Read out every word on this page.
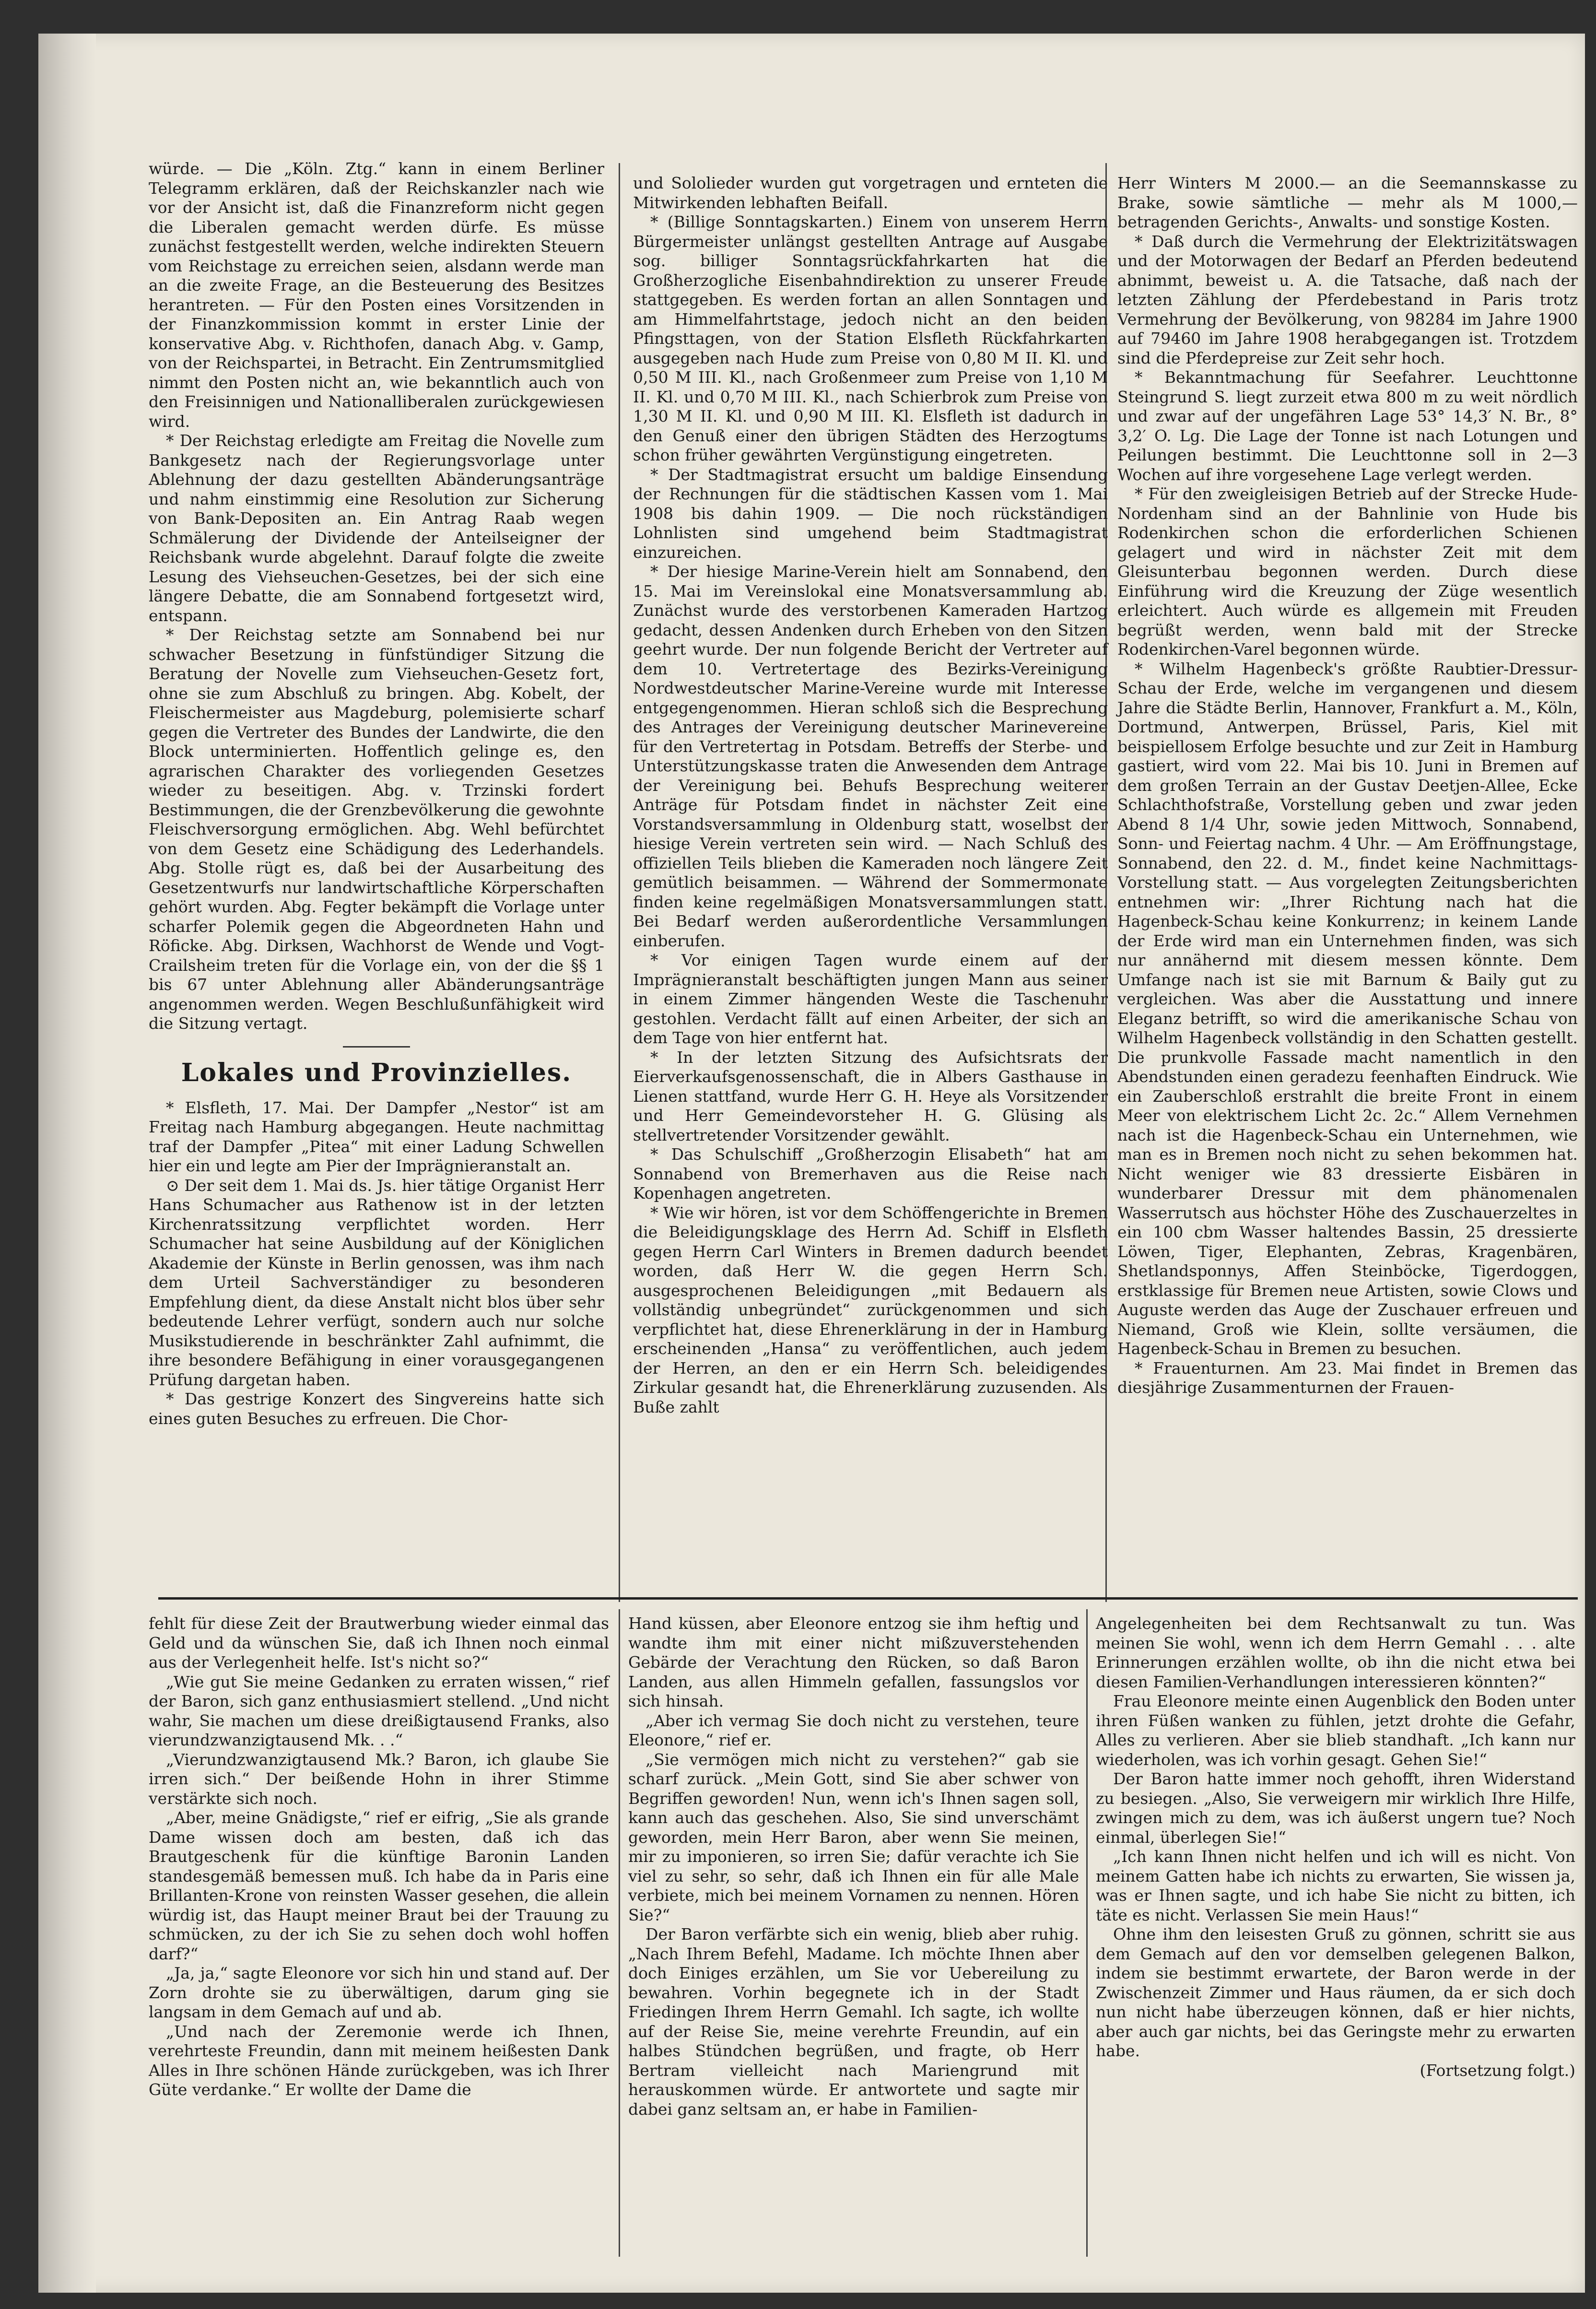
würde. — Die „Köln. Ztg.“ kann in einem Berliner Telegramm erklären, daß der Reichskanzler nach wie vor der Ansicht ist, daß die Finanzreform nicht gegen die Liberalen gemacht werden dürfe. Es müsse zunächst festgestellt werden, welche indirekten Steuern vom Reichstage zu erreichen seien, alsdann werde man an die zweite Frage, an die Besteuerung des Besitzes herantreten. — Für den Posten eines Vorsitzenden in der Finanzkommission kommt in erster Linie der konservative Abg. v. Richthofen, danach Abg. v. Gamp, von der Reichspartei, in Betracht. Ein Zentrumsmitglied nimmt den Posten nicht an, wie bekanntlich auch von den Freisinnigen und Nationalliberalen zurückgewiesen wird.

* Der Reichstag erledigte am Freitag die Novelle zum Bankgesetz nach der Regierungsvorlage unter Ablehnung der dazu gestellten Abänderungsanträge und nahm einstimmig eine Resolution zur Sicherung von Bank-Depositen an. Ein Antrag Raab wegen Schmälerung der Dividende der Anteilseigner der Reichsbank wurde abgelehnt. Darauf folgte die zweite Lesung des Viehseuchen-Gesetzes, bei der sich eine längere Debatte, die am Sonnabend fortgesetzt wird, entspann.

* Der Reichstag setzte am Sonnabend bei nur schwacher Besetzung in fünfstündiger Sitzung die Beratung der Novelle zum Viehseuchen-Gesetz fort, ohne sie zum Abschluß zu bringen. Abg. Kobelt, der Fleischermeister aus Magdeburg, polemisierte scharf gegen die Vertreter des Bundes der Landwirte, die den Block unterminierten. Hoffentlich gelinge es, den agrarischen Charakter des vorliegenden Gesetzes wieder zu beseitigen. Abg. v. Trzinski fordert Bestimmungen, die der Grenzbevölkerung die gewohnte Fleischversorgung ermöglichen. Abg. Wehl befürchtet von dem Gesetz eine Schädigung des Lederhandels. Abg. Stolle rügt es, daß bei der Ausarbeitung des Gesetzentwurfs nur landwirtschaftliche Körperschaften gehört wurden. Abg. Fegter bekämpft die Vorlage unter scharfer Polemik gegen die Abgeordneten Hahn und Röficke. Abg. Dirksen, Wachhorst de Wende und Vogt-Crailsheim treten für die Vorlage ein, von der die §§ 1 bis 67 unter Ablehnung aller Abänderungsanträge angenommen werden. Wegen Beschlußunfähigkeit wird die Sitzung vertagt.

Lokales und Provinzielles.

* Elsfleth, 17. Mai. Der Dampfer „Nestor“ ist am Freitag nach Hamburg abgegangen. Heute nachmittag traf der Dampfer „Pitea“ mit einer Ladung Schwellen hier ein und legte am Pier der Imprägnieranstalt an.

⊙ Der seit dem 1. Mai ds. Js. hier tätige Organist Herr Hans Schumacher aus Rathenow ist in der letzten Kirchenratssitzung verpflichtet worden. Herr Schumacher hat seine Ausbildung auf der Königlichen Akademie der Künste in Berlin genossen, was ihm nach dem Urteil Sachverständiger zu besonderen Empfehlung dient, da diese Anstalt nicht blos über sehr bedeutende Lehrer verfügt, sondern auch nur solche Musikstudierende in beschränkter Zahl aufnimmt, die ihre besondere Befähigung in einer vorausgegangenen Prüfung dargetan haben.

* Das gestrige Konzert des Singvereins hatte sich eines guten Besuches zu erfreuen. Die Chor-

und Sololieder wurden gut vorgetragen und ernteten die Mitwirkenden lebhaften Beifall.

* (Billige Sonntagskarten.) Einem von unserem Herrn Bürgermeister unlängst gestellten Antrage auf Ausgabe sog. billiger Sonntagsrückfahrkarten hat die Großherzogliche Eisenbahndirektion zu unserer Freude stattgegeben. Es werden fortan an allen Sonntagen und am Himmelfahrtstage, jedoch nicht an den beiden Pfingsttagen, von der Station Elsfleth Rückfahrkarten ausgegeben nach Hude zum Preise von 0,80 M II. Kl. und 0,50 M III. Kl., nach Großenmeer zum Preise von 1,10 M II. Kl. und 0,70 M III. Kl., nach Schierbrok zum Preise von 1,30 M II. Kl. und 0,90 M III. Kl. Elsfleth ist dadurch in den Genuß einer den übrigen Städten des Herzogtums schon früher gewährten Vergünstigung eingetreten.

* Der Stadtmagistrat ersucht um baldige Einsendung der Rechnungen für die städtischen Kassen vom 1. Mai 1908 bis dahin 1909. — Die noch rückständigen Lohnlisten sind umgehend beim Stadtmagistrat einzureichen.

* Der hiesige Marine-Verein hielt am Sonnabend, den 15. Mai im Vereinslokal eine Monatsversammlung ab. Zunächst wurde des verstorbenen Kameraden Hartzog gedacht, dessen Andenken durch Erheben von den Sitzen geehrt wurde. Der nun folgende Bericht der Vertreter auf dem 10. Vertretertage des Bezirks-Vereinigung Nordwestdeutscher Marine-Vereine wurde mit Interesse entgegengenommen. Hieran schloß sich die Besprechung des Antrages der Vereinigung deutscher Marinevereine für den Vertretertag in Potsdam. Betreffs der Sterbe- und Unterstützungskasse traten die Anwesenden dem Antrage der Vereinigung bei. Behufs Besprechung weiterer Anträge für Potsdam findet in nächster Zeit eine Vorstandsversammlung in Oldenburg statt, woselbst der hiesige Verein vertreten sein wird. — Nach Schluß des offiziellen Teils blieben die Kameraden noch längere Zeit gemütlich beisammen. — Während der Sommermonate finden keine regelmäßigen Monatsversammlungen statt. Bei Bedarf werden außerordentliche Versammlungen einberufen.

* Vor einigen Tagen wurde einem auf der Imprägnieranstalt beschäftigten jungen Mann aus seiner in einem Zimmer hängenden Weste die Taschenuhr gestohlen. Verdacht fällt auf einen Arbeiter, der sich an dem Tage von hier entfernt hat.

* In der letzten Sitzung des Aufsichtsrats der Eierverkaufsgenossenschaft, die in Albers Gasthause in Lienen stattfand, wurde Herr G. H. Heye als Vorsitzender und Herr Gemeindevorsteher H. G. Glüsing als stellvertretender Vorsitzender gewählt.

* Das Schulschiff „Großherzogin Elisabeth“ hat am Sonnabend von Bremerhaven aus die Reise nach Kopenhagen angetreten.

* Wie wir hören, ist vor dem Schöffengerichte in Bremen die Beleidigungsklage des Herrn Ad. Schiff in Elsfleth gegen Herrn Carl Winters in Bremen dadurch beendet worden, daß Herr W. die gegen Herrn Sch. ausgesprochenen Beleidigungen „mit Bedauern als vollständig unbegründet“ zurückgenommen und sich verpflichtet hat, diese Ehrenerklärung in der in Hamburg erscheinenden „Hansa“ zu veröffentlichen, auch jedem der Herren, an den er ein Herrn Sch. beleidigendes Zirkular gesandt hat, die Ehrenerklärung zuzusenden. Als Buße zahlt

Herr Winters M 2000.— an die Seemannskasse zu Brake, sowie sämtliche — mehr als M 1000,— betragenden Gerichts-, Anwalts- und sonstige Kosten.

* Daß durch die Vermehrung der Elektrizitätswagen und der Motorwagen der Bedarf an Pferden bedeutend abnimmt, beweist u. A. die Tatsache, daß nach der letzten Zählung der Pferdebestand in Paris trotz Vermehrung der Bevölkerung, von 98284 im Jahre 1900 auf 79460 im Jahre 1908 herabgegangen ist. Trotzdem sind die Pferdepreise zur Zeit sehr hoch.

* Bekanntmachung für Seefahrer. Leuchttonne Steingrund S. liegt zurzeit etwa 800 m zu weit nördlich und zwar auf der ungefähren Lage 53° 14,3′ N. Br., 8° 3,2′ O. Lg. Die Lage der Tonne ist nach Lotungen und Peilungen bestimmt. Die Leuchttonne soll in 2—3 Wochen auf ihre vorgesehene Lage verlegt werden.

* Für den zweigleisigen Betrieb auf der Strecke Hude-Nordenham sind an der Bahnlinie von Hude bis Rodenkirchen schon die erforderlichen Schienen gelagert und wird in nächster Zeit mit dem Gleisunterbau begonnen werden. Durch diese Einführung wird die Kreuzung der Züge wesentlich erleichtert. Auch würde es allgemein mit Freuden begrüßt werden, wenn bald mit der Strecke Rodenkirchen-Varel begonnen würde.

* Wilhelm Hagenbeck's größte Raubtier-Dressur-Schau der Erde, welche im vergangenen und diesem Jahre die Städte Berlin, Hannover, Frankfurt a. M., Köln, Dortmund, Antwerpen, Brüssel, Paris, Kiel mit beispiellosem Erfolge besuchte und zur Zeit in Hamburg gastiert, wird vom 22. Mai bis 10. Juni in Bremen auf dem großen Terrain an der Gustav Deetjen-Allee, Ecke Schlachthofstraße, Vorstellung geben und zwar jeden Abend 8 1/4 Uhr, sowie jeden Mittwoch, Sonnabend, Sonn- und Feiertag nachm. 4 Uhr. — Am Eröffnungstage, Sonnabend, den 22. d. M., findet keine Nachmittags-Vorstellung statt. — Aus vorgelegten Zeitungsberichten entnehmen wir: „Ihrer Richtung nach hat die Hagenbeck-Schau keine Konkurrenz; in keinem Lande der Erde wird man ein Unternehmen finden, was sich nur annähernd mit diesem messen könnte. Dem Umfange nach ist sie mit Barnum & Baily gut zu vergleichen. Was aber die Ausstattung und innere Eleganz betrifft, so wird die amerikanische Schau von Wilhelm Hagenbeck vollständig in den Schatten gestellt. Die prunkvolle Fassade macht namentlich in den Abendstunden einen geradezu feenhaften Eindruck. Wie ein Zauberschloß erstrahlt die breite Front in einem Meer von elektrischem Licht 2c. 2c.“ Allem Vernehmen nach ist die Hagenbeck-Schau ein Unternehmen, wie man es in Bremen noch nicht zu sehen bekommen hat. Nicht weniger wie 83 dressierte Eisbären in wunderbarer Dressur mit dem phänomenalen Wasserrutsch aus höchster Höhe des Zuschauerzeltes in ein 100 cbm Wasser haltendes Bassin, 25 dressierte Löwen, Tiger, Elephanten, Zebras, Kragenbären, Shetlandsponnys, Affen Steinböcke, Tigerdoggen, erstklassige für Bremen neue Artisten, sowie Clows und Auguste werden das Auge der Zuschauer erfreuen und Niemand, Groß wie Klein, sollte versäumen, die Hagenbeck-Schau in Bremen zu besuchen.

* Frauenturnen. Am 23. Mai findet in Bremen das diesjährige Zusammenturnen der Frauen-

fehlt für diese Zeit der Brautwerbung wieder einmal das Geld und da wünschen Sie, daß ich Ihnen noch einmal aus der Verlegenheit helfe. Ist's nicht so?“

„Wie gut Sie meine Gedanken zu erraten wissen,“ rief der Baron, sich ganz enthusiasmiert stellend. „Und nicht wahr, Sie machen um diese dreißigtausend Franks, also vierundzwanzigtausend Mk. . .“

„Vierundzwanzigtausend Mk.? Baron, ich glaube Sie irren sich.“ Der beißende Hohn in ihrer Stimme verstärkte sich noch.

„Aber, meine Gnädigste,“ rief er eifrig, „Sie als grande Dame wissen doch am besten, daß ich das Brautgeschenk für die künftige Baronin Landen standesgemäß bemessen muß. Ich habe da in Paris eine Brillanten-Krone von reinsten Wasser gesehen, die allein würdig ist, das Haupt meiner Braut bei der Trauung zu schmücken, zu der ich Sie zu sehen doch wohl hoffen darf?“

„Ja, ja,“ sagte Eleonore vor sich hin und stand auf. Der Zorn drohte sie zu überwältigen, darum ging sie langsam in dem Gemach auf und ab.

„Und nach der Zeremonie werde ich Ihnen, verehrteste Freundin, dann mit meinem heißesten Dank Alles in Ihre schönen Hände zurückgeben, was ich Ihrer Güte verdanke.“ Er wollte der Dame die

Hand küssen, aber Eleonore entzog sie ihm heftig und wandte ihm mit einer nicht mißzuverstehenden Gebärde der Verachtung den Rücken, so daß Baron Landen, aus allen Himmeln gefallen, fassungslos vor sich hinsah.

„Aber ich vermag Sie doch nicht zu verstehen, teure Eleonore,“ rief er.

„Sie vermögen mich nicht zu verstehen?“ gab sie scharf zurück. „Mein Gott, sind Sie aber schwer von Begriffen geworden! Nun, wenn ich's Ihnen sagen soll, kann auch das geschehen. Also, Sie sind unverschämt geworden, mein Herr Baron, aber wenn Sie meinen, mir zu imponieren, so irren Sie; dafür verachte ich Sie viel zu sehr, so sehr, daß ich Ihnen ein für alle Male verbiete, mich bei meinem Vornamen zu nennen. Hören Sie?“

Der Baron verfärbte sich ein wenig, blieb aber ruhig. „Nach Ihrem Befehl, Madame. Ich möchte Ihnen aber doch Einiges erzählen, um Sie vor Uebereilung zu bewahren. Vorhin begegnete ich in der Stadt Friedingen Ihrem Herrn Gemahl. Ich sagte, ich wollte auf der Reise Sie, meine verehrte Freundin, auf ein halbes Stündchen begrüßen, und fragte, ob Herr Bertram vielleicht nach Mariengrund mit herauskommen würde. Er antwortete und sagte mir dabei ganz seltsam an, er habe in Familien-

Angelegenheiten bei dem Rechtsanwalt zu tun. Was meinen Sie wohl, wenn ich dem Herrn Gemahl . . . alte Erinnerungen erzählen wollte, ob ihn die nicht etwa bei diesen Familien-Verhandlungen interessieren könnten?“

Frau Eleonore meinte einen Augenblick den Boden unter ihren Füßen wanken zu fühlen, jetzt drohte die Gefahr, Alles zu verlieren. Aber sie blieb standhaft. „Ich kann nur wiederholen, was ich vorhin gesagt. Gehen Sie!“

Der Baron hatte immer noch gehofft, ihren Widerstand zu besiegen. „Also, Sie verweigern mir wirklich Ihre Hilfe, zwingen mich zu dem, was ich äußerst ungern tue? Noch einmal, überlegen Sie!“

„Ich kann Ihnen nicht helfen und ich will es nicht. Von meinem Gatten habe ich nichts zu erwarten, Sie wissen ja, was er Ihnen sagte, und ich habe Sie nicht zu bitten, ich täte es nicht. Verlassen Sie mein Haus!“

Ohne ihm den leisesten Gruß zu gönnen, schritt sie aus dem Gemach auf den vor demselben gelegenen Balkon, indem sie bestimmt erwartete, der Baron werde in der Zwischenzeit Zimmer und Haus räumen, da er sich doch nun nicht habe überzeugen können, daß er hier nichts, aber auch gar nichts, bei das Geringste mehr zu erwarten habe.

(Fortsetzung folgt.)
